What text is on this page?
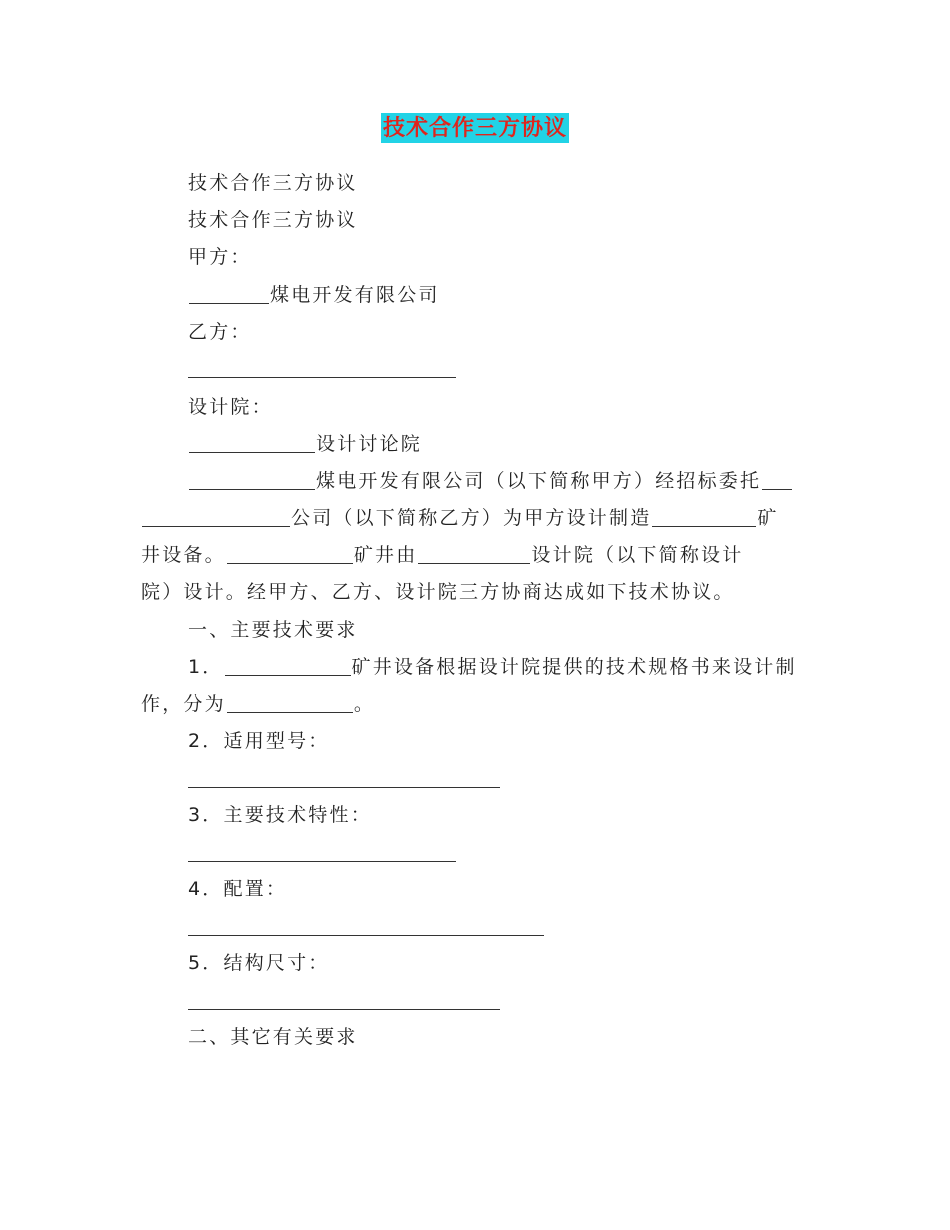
技术合作三方协议
技术合作三方协议
技术合作三方协议
甲方：
煤电开发有限公司
乙方：
设计院：
设计讨论院
煤电开发有限公司（以下简称甲方）经招标委托
公司（以下简称乙方）为甲方设计制造	矿
井设备。	矿井由	设计院（以下简称设计
院）设计。经甲方、乙方、设计院三方协商达成如下技术协议。
一、主要技术要求
1．	矿井设备根据设计院提供的技术规格书来设计制
作，分为	。
2．适用型号：
3．主要技术特性：
4．配置：
5．结构尺寸：
二、其它有关要求
